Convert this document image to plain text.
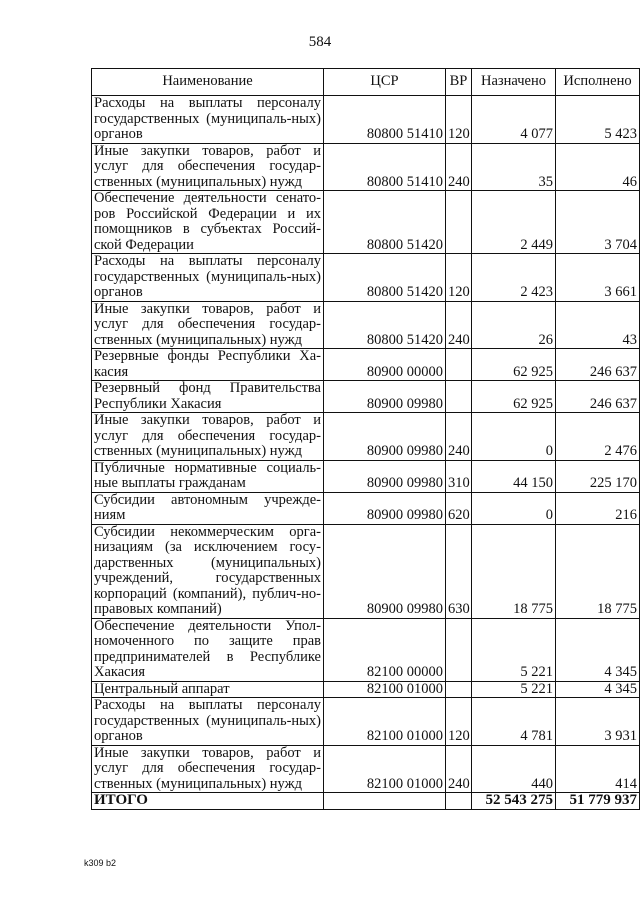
584
Наименование	ЦСР	ВР	Назначено	Исполнено
Расходы на выплаты персоналу государственных (муниципаль-ных) органов	80800 51410	120	4 077	5 423
Иные закупки товаров, работ и услуг для обеспечения государ-ственных (муниципальных) нужд	80800 51410	240	35	46
Обеспечение деятельности сенато-ров Российской Федерации и их помощников в субъектах Россий-ской Федерации	80800 51420		2 449	3 704
Расходы на выплаты персоналу государственных (муниципаль-ных) органов	80800 51420	120	2 423	3 661
Иные закупки товаров, работ и услуг для обеспечения государ-ственных (муниципальных) нужд	80800 51420	240	26	43
Резервные фонды Республики Ха-касия	80900 00000		62 925	246 637
Резервный фонд Правительства Республики Хакасия	80900 09980		62 925	246 637
Иные закупки товаров, работ и услуг для обеспечения государ-ственных (муниципальных) нужд	80900 09980	240	0	2 476
Публичные нормативные социаль-ные выплаты гражданам	80900 09980	310	44 150	225 170
Субсидии автономным учрежде-ниям	80900 09980	620	0	216
Субсидии некоммерческим орга-низациям (за исключением госу-дарственных (муниципальных) учреждений, государственных корпораций (компаний), публич-но-правовых компаний)	80900 09980	630	18 775	18 775
Обеспечение деятельности Упол-номоченного по защите прав предпринимателей в Республике Хакасия	82100 00000		5 221	4 345
Центральный аппарат	82100 01000		5 221	4 345
Расходы на выплаты персоналу государственных (муниципаль-ных) органов	82100 01000	120	4 781	3 931
Иные закупки товаров, работ и услуг для обеспечения государ-ственных (муниципальных) нужд	82100 01000	240	440	414
ИТОГО			52 543 275	51 779 937
k309 b2
